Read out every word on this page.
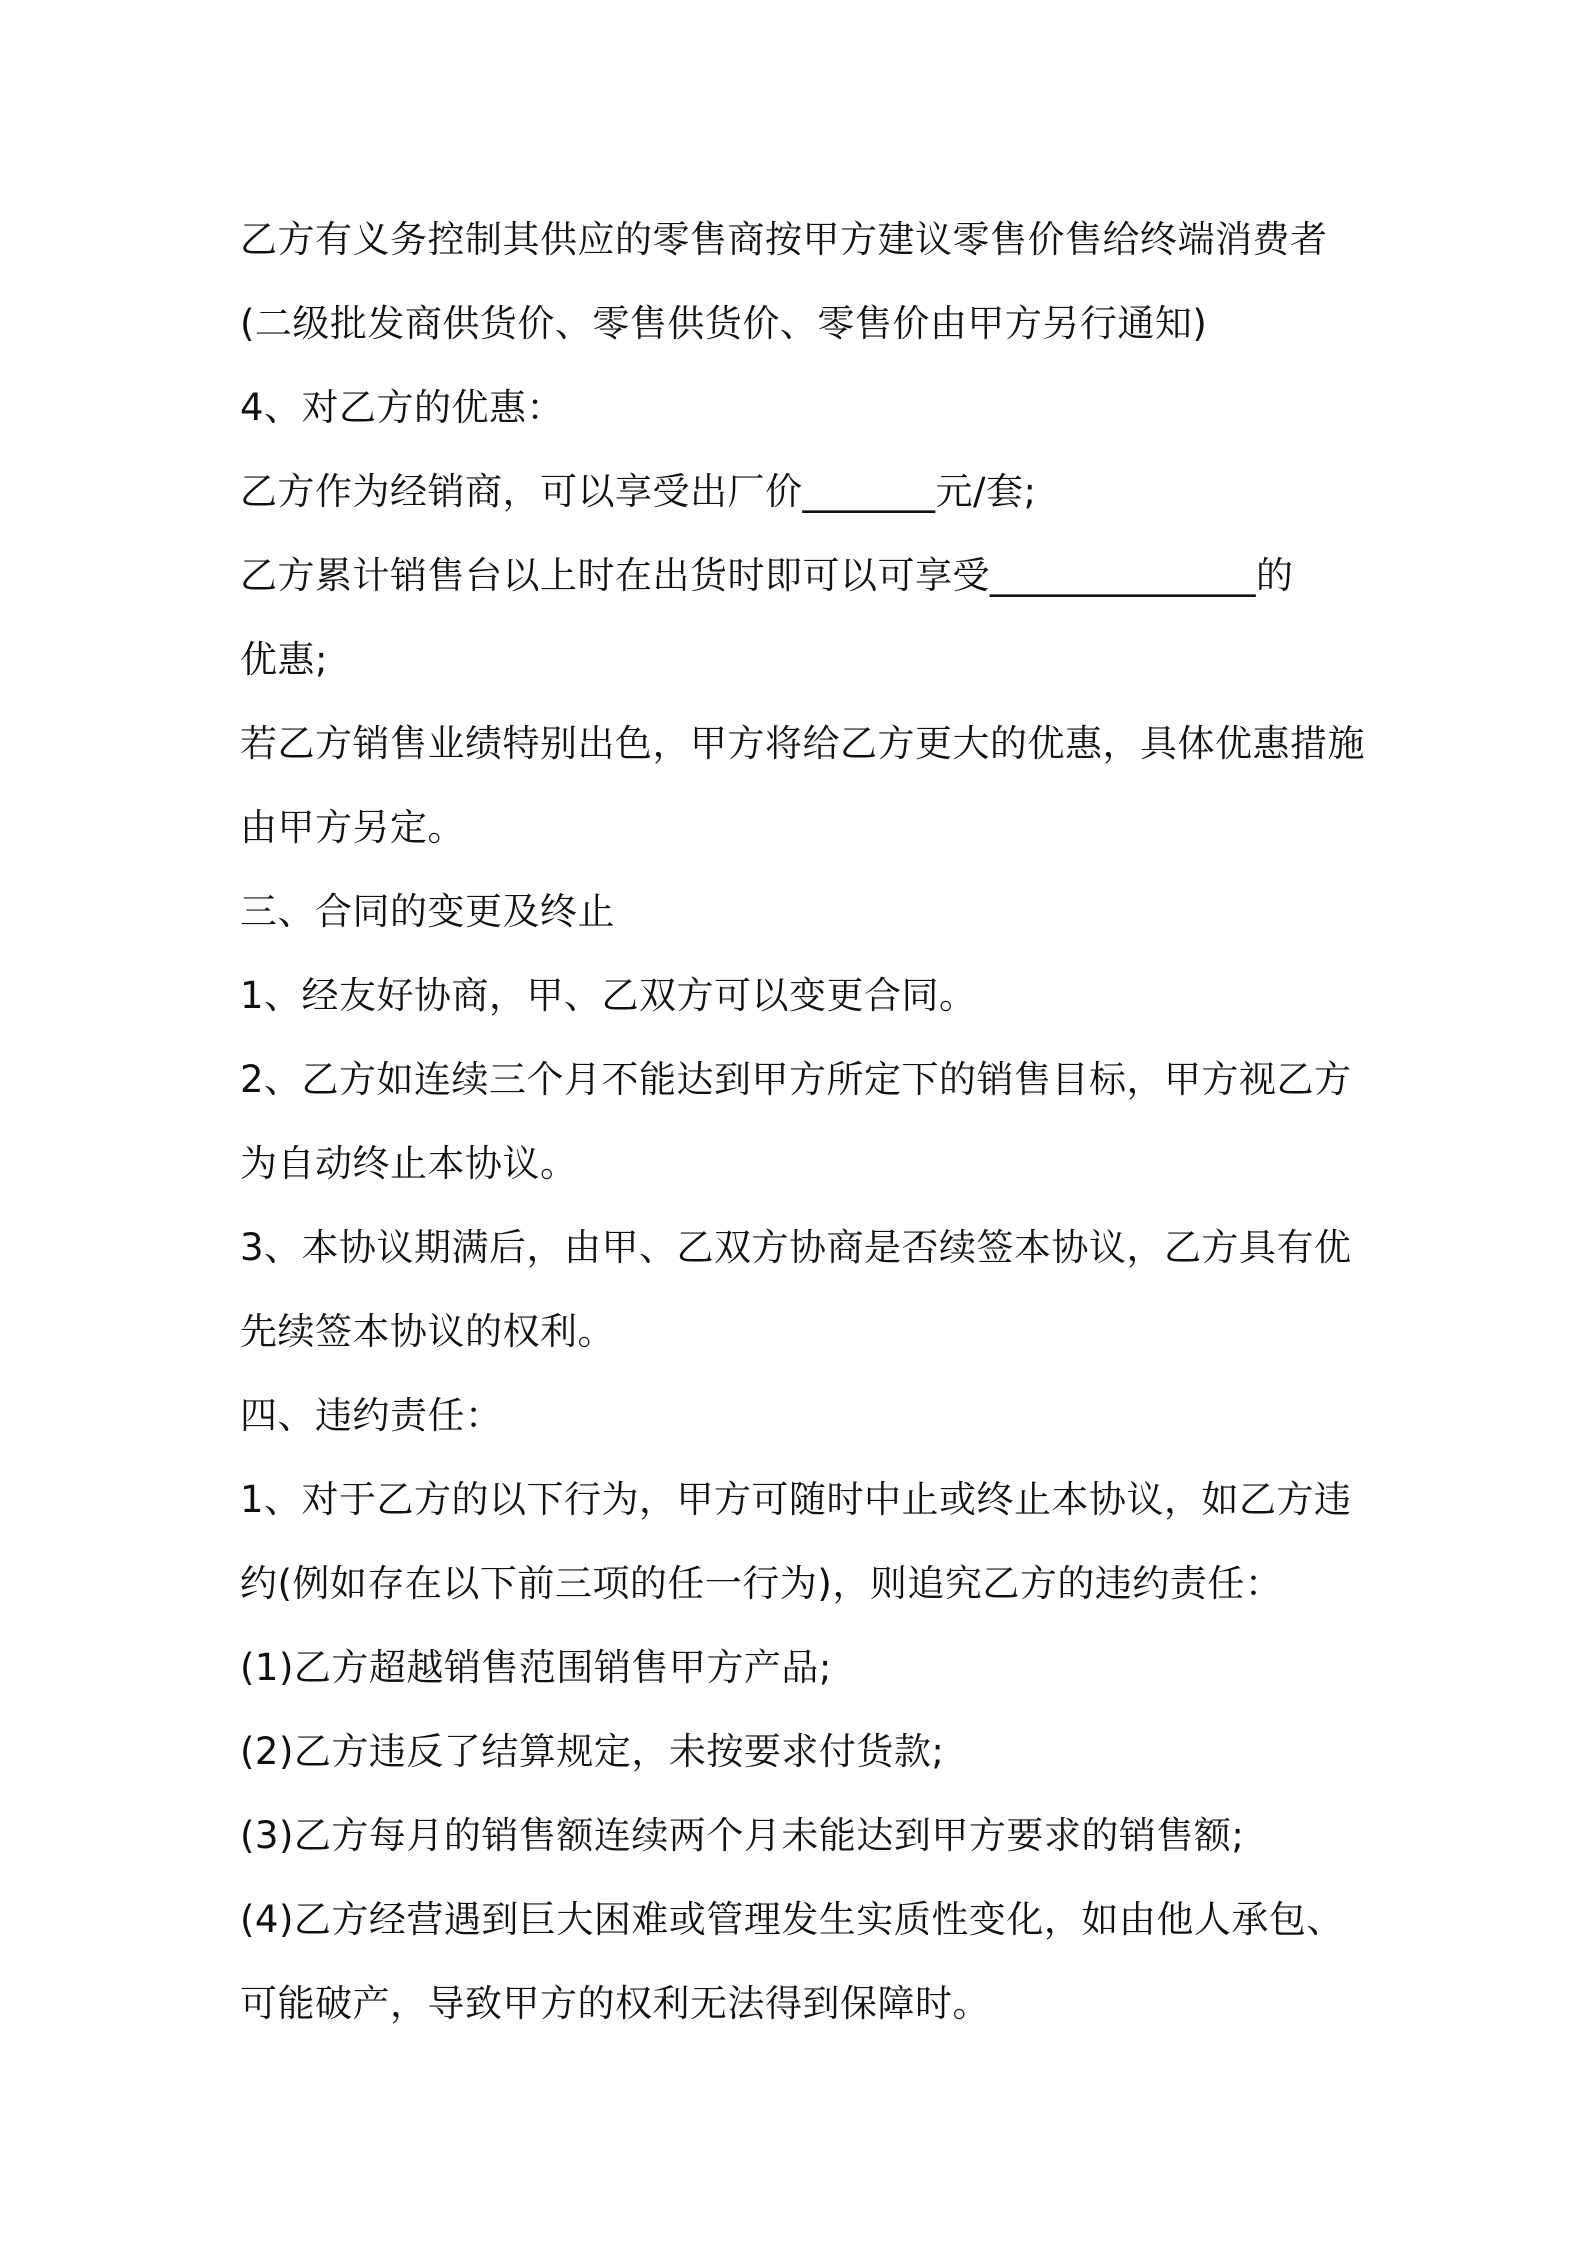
乙方有义务控制其供应的零售商按甲方建议零售价售给终端消费者
(二级批发商供货价、零售供货价、零售价由甲方另行通知)
4、对乙方的优惠：
乙方作为经销商，可以享受出厂价_______元/套;
乙方累计销售台以上时在出货时即可以可享受______________的
优惠;
若乙方销售业绩特别出色，甲方将给乙方更大的优惠，具体优惠措施
由甲方另定。
三、合同的变更及终止
1、经友好协商，甲、乙双方可以变更合同。
2、乙方如连续三个月不能达到甲方所定下的销售目标，甲方视乙方
为自动终止本协议。
3、本协议期满后，由甲、乙双方协商是否续签本协议，乙方具有优
先续签本协议的权利。
四、违约责任：
1、对于乙方的以下行为，甲方可随时中止或终止本协议，如乙方违
约(例如存在以下前三项的任一行为)，则追究乙方的违约责任：
(1)乙方超越销售范围销售甲方产品;
(2)乙方违反了结算规定，未按要求付货款;
(3)乙方每月的销售额连续两个月未能达到甲方要求的销售额;
(4)乙方经营遇到巨大困难或管理发生实质性变化，如由他人承包、
可能破产，导致甲方的权利无法得到保障时。
